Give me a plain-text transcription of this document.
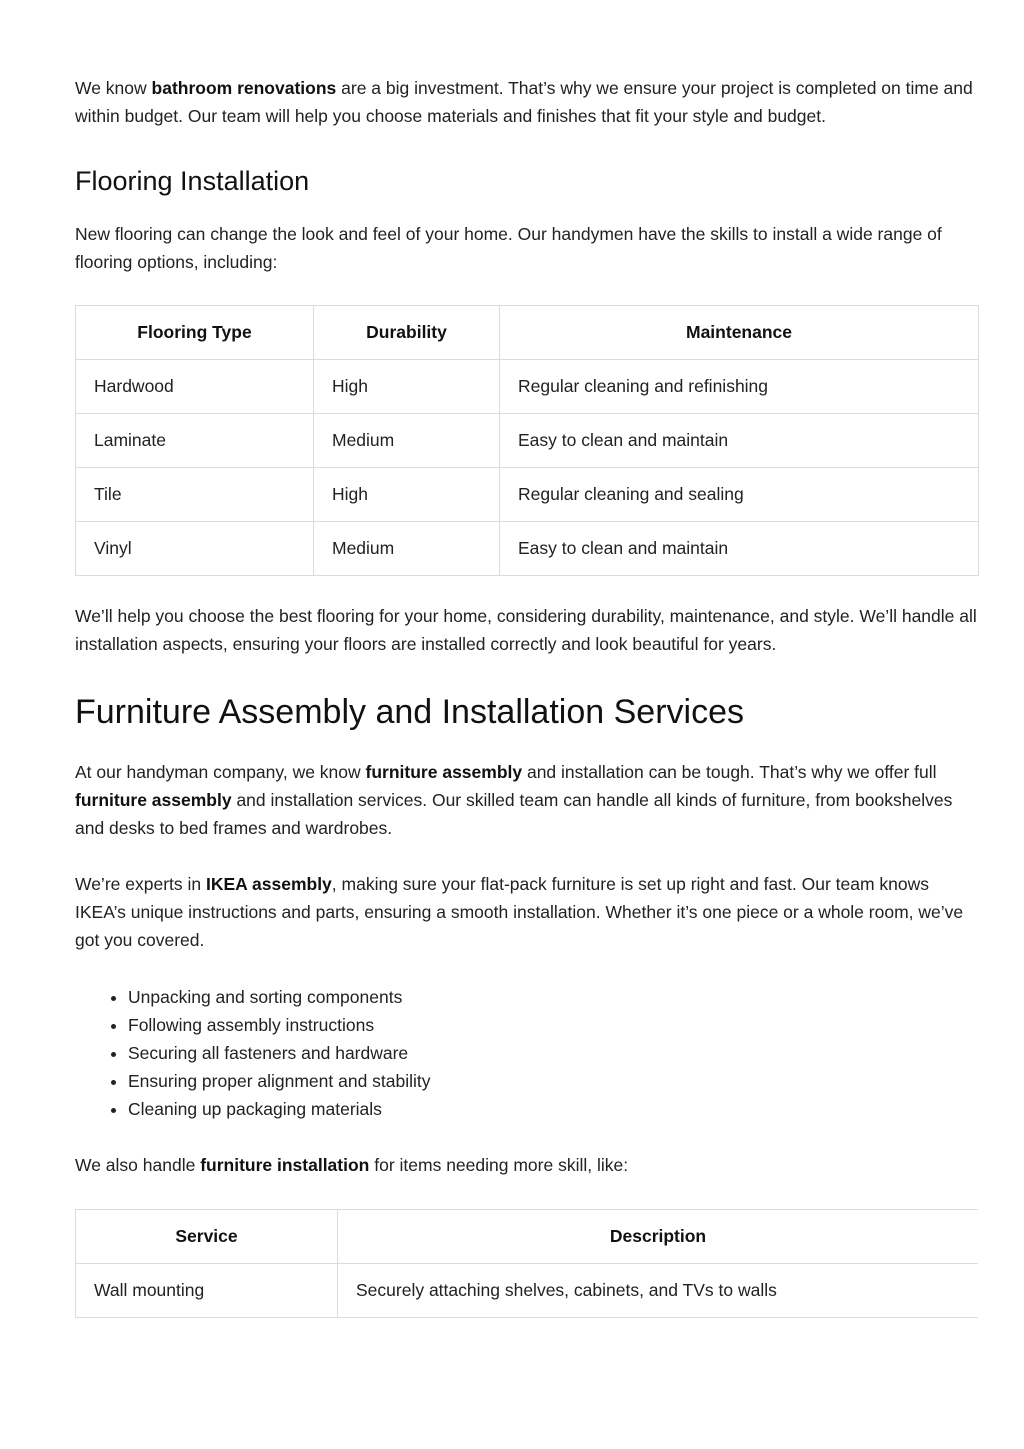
We know bathroom renovations are a big investment. That’s why we ensure your project is completed on time and within budget. Our team will help you choose materials and finishes that fit your style and budget.

Flooring Installation

New flooring can change the look and feel of your home. Our handymen have the skills to install a wide range of flooring options, including:

Flooring Type	Durability	Maintenance
Hardwood	High	Regular cleaning and refinishing
Laminate	Medium	Easy to clean and maintain
Tile	High	Regular cleaning and sealing
Vinyl	Medium	Easy to clean and maintain

We’ll help you choose the best flooring for your home, considering durability, maintenance, and style. We’ll handle all installation aspects, ensuring your floors are installed correctly and look beautiful for years.

Furniture Assembly and Installation Services

At our handyman company, we know furniture assembly and installation can be tough. That’s why we offer full furniture assembly and installation services. Our skilled team can handle all kinds of furniture, from bookshelves and desks to bed frames and wardrobes.

We’re experts in IKEA assembly, making sure your flat-pack furniture is set up right and fast. Our team knows IKEA’s unique instructions and parts, ensuring a smooth installation. Whether it’s one piece or a whole room, we’ve got you covered.

• Unpacking and sorting components
• Following assembly instructions
• Securing all fasteners and hardware
• Ensuring proper alignment and stability
• Cleaning up packaging materials

We also handle furniture installation for items needing more skill, like:

Service	Description
Wall mounting	Securely attaching shelves, cabinets, and TVs to walls
